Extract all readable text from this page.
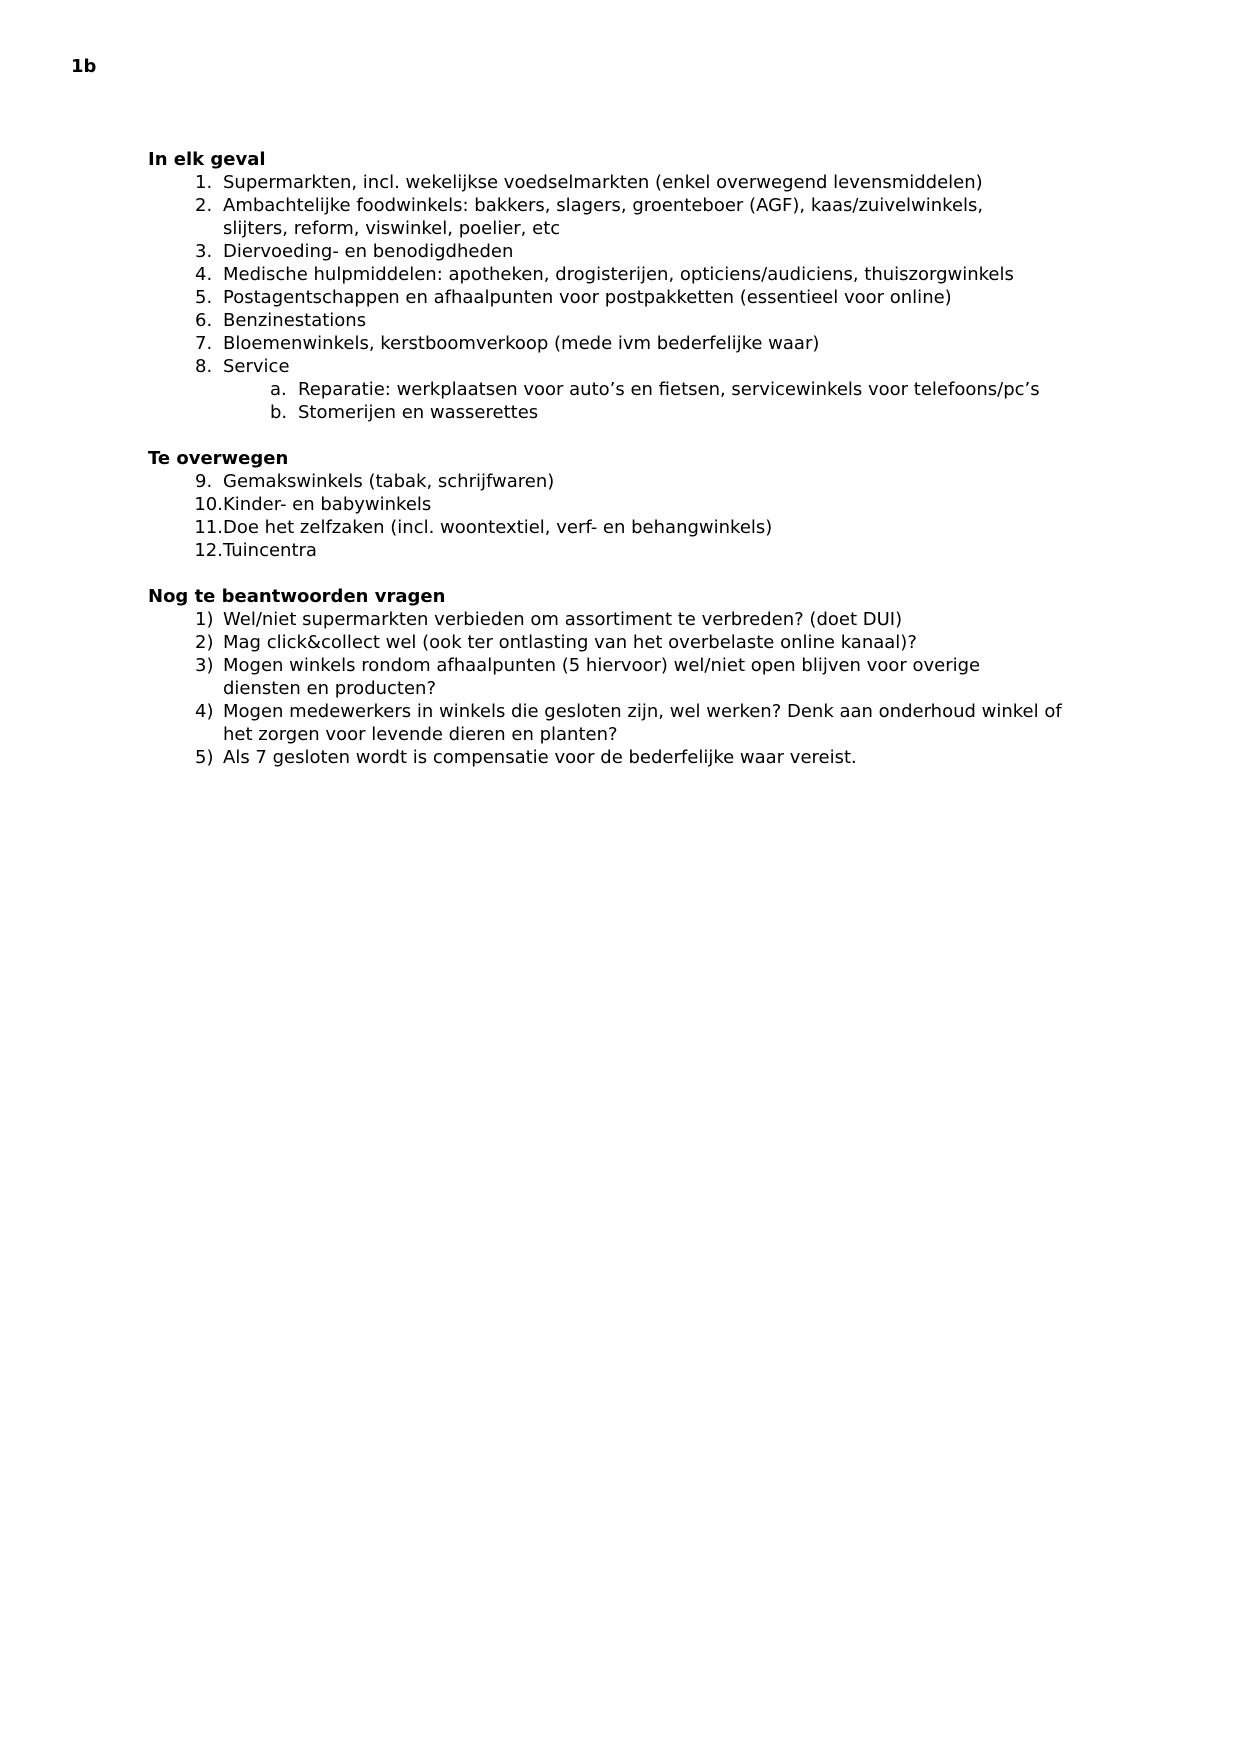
1b
In elk geval
1. Supermarkten, incl. wekelijkse voedselmarkten (enkel overwegend levensmiddelen)
2. Ambachtelijke foodwinkels: bakkers, slagers, groenteboer (AGF), kaas/zuivelwinkels, slijters, reform, viswinkel, poelier, etc
3. Diervoeding- en benodigdheden
4. Medische hulpmiddelen: apotheken, drogisterijen, opticiens/audiciens, thuiszorgwinkels
5. Postagentschappen en afhaalpunten voor postpakketten (essentieel voor online)
6. Benzinestations
7. Bloemenwinkels, kerstboomverkoop (mede ivm bederfelijke waar)
8. Service
a. Reparatie: werkplaatsen voor auto’s en fietsen, servicewinkels voor telefoons/pc’s
b. Stomerijen en wasserettes
Te overwegen
9. Gemakswinkels (tabak, schrijfwaren)
10. Kinder- en babywinkels
11. Doe het zelfzaken (incl. woontextiel, verf- en behangwinkels)
12. Tuincentra
Nog te beantwoorden vragen
1) Wel/niet supermarkten verbieden om assortiment te verbreden? (doet DUI)
2) Mag click&collect wel (ook ter ontlasting van het overbelaste online kanaal)?
3) Mogen winkels rondom afhaalpunten (5 hiervoor) wel/niet open blijven voor overige diensten en producten?
4) Mogen medewerkers in winkels die gesloten zijn, wel werken? Denk aan onderhoud winkel of het zorgen voor levende dieren en planten?
5) Als 7 gesloten wordt is compensatie voor de bederfelijke waar vereist.
